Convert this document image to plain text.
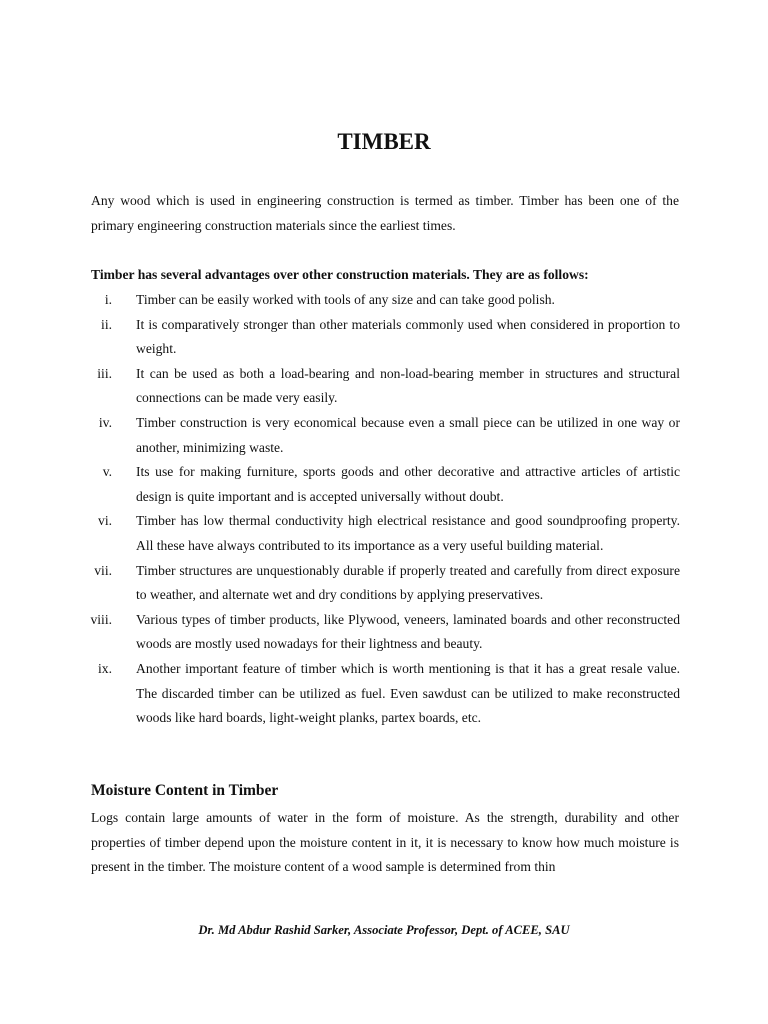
TIMBER
Any wood which is used in engineering construction is termed as timber. Timber has been one of the primary engineering construction materials since the earliest times.
Timber has several advantages over other construction materials. They are as follows:
i. Timber can be easily worked with tools of any size and can take good polish.
ii. It is comparatively stronger than other materials commonly used when considered in proportion to weight.
iii. It can be used as both a load-bearing and non-load-bearing member in structures and structural connections can be made very easily.
iv. Timber construction is very economical because even a small piece can be utilized in one way or another, minimizing waste.
v. Its use for making furniture, sports goods and other decorative and attractive articles of artistic design is quite important and is accepted universally without doubt.
vi. Timber has low thermal conductivity high electrical resistance and good soundproofing property. All these have always contributed to its importance as a very useful building material.
vii. Timber structures are unquestionably durable if properly treated and carefully from direct exposure to weather, and alternate wet and dry conditions by applying preservatives.
viii. Various types of timber products, like Plywood, veneers, laminated boards and other reconstructed woods are mostly used nowadays for their lightness and beauty.
ix. Another important feature of timber which is worth mentioning is that it has a great resale value. The discarded timber can be utilized as fuel. Even sawdust can be utilized to make reconstructed woods like hard boards, light-weight planks, partex boards, etc.
Moisture Content in Timber
Logs contain large amounts of water in the form of moisture. As the strength, durability and other properties of timber depend upon the moisture content in it, it is necessary to know how much moisture is present in the timber. The moisture content of a wood sample is determined from thin
Dr. Md Abdur Rashid Sarker, Associate Professor, Dept. of ACEE, SAU
